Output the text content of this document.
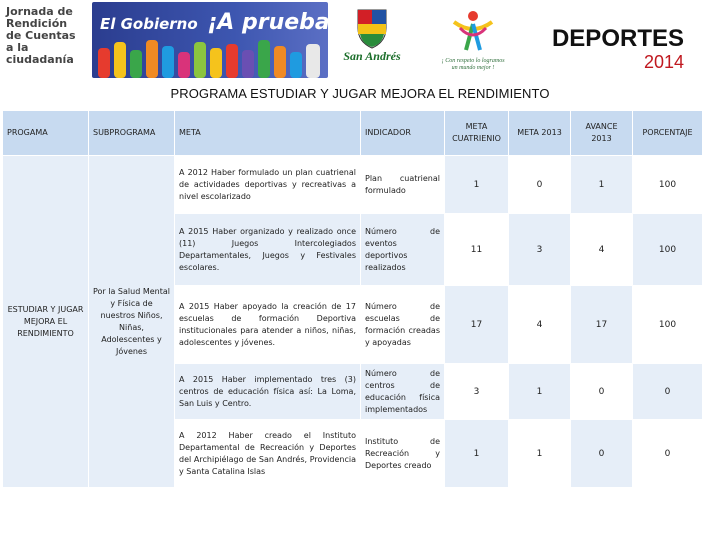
Jornada de
Rendición
de Cuentas
a la ciudadanía
El Gobierno ¡A prueba !
San Andrés	¡ Con respeto lo logramos un mundo mejor !
DEPORTES
2014
PROGRAMA ESTUDIAR Y JUGAR MEJORA EL RENDIMIENTO
PROGAMA	SUBPROGRAMA	META	INDICADOR	META CUATRIENIO	META 2013	AVANCE 2013	PORCENTAJE
ESTUDIAR Y JUGAR MEJORA EL RENDIMIENTO	Por la Salud Mental y Física de nuestros Niños, Niñas, Adolescentes y Jóvenes	A 2012 Haber formulado un plan cuatrienal de actividades deportivas y recreativas a nivel escolarizado	Plan cuatrienal formulado	1	0	1	100
		A 2015 Haber organizado y realizado once (11) Juegos Intercolegiados Departamentales, Juegos y Festivales escolares.	Número de eventos deportivos realizados	11	3	4	100
		A 2015 Haber apoyado la creación de 17 escuelas de formación Deportiva institucionales para atender a niños, niñas, adolescentes y jóvenes.	Número de escuelas de formación creadas y apoyadas	17	4	17	100
		A 2015 Haber implementado tres (3) centros de educación física así: La Loma, San Luis y Centro.	Número de centros de educación física implementados	3	1	0	0
		A 2012 Haber creado el Instituto Departamental de Recreación y Deportes del Archipiélago de San Andrés, Providencia y Santa Catalina Islas	Instituto de Recreación y Deportes creado	1	1	0	0
